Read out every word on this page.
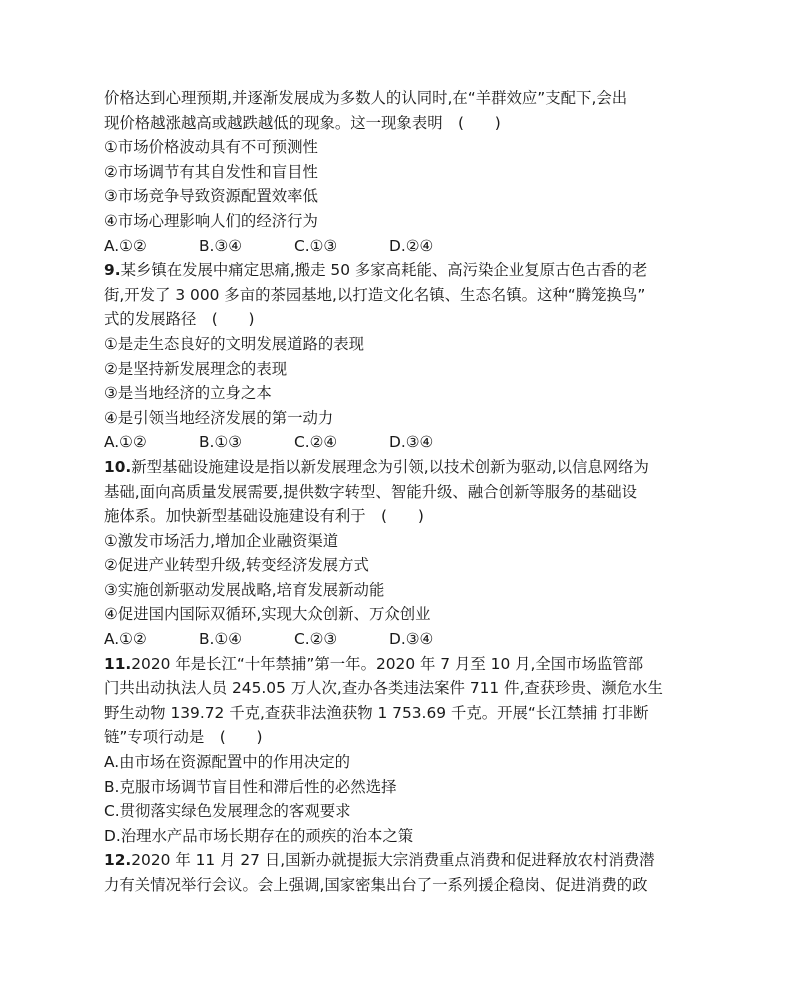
价格达到心理预期,并逐渐发展成为多数人的认同时,在“羊群效应”支配下,会出
现价格越涨越高或越跌越低的现象。这一现象表明　(　　)
①市场价格波动具有不可预测性
②市场调节有其自发性和盲目性
③市场竞争导致资源配置效率低
④市场心理影响人们的经济行为
A.①②	B.③④	C.①③	D.②④
9.某乡镇在发展中痛定思痛,搬走 50 多家高耗能、高污染企业复原古色古香的老
街,开发了 3 000 多亩的茶园基地,以打造文化名镇、生态名镇。这种“腾笼换鸟”
式的发展路径　(　　)
①是走生态良好的文明发展道路的表现
②是坚持新发展理念的表现
③是当地经济的立身之本
④是引领当地经济发展的第一动力
A.①②	B.①③	C.②④	D.③④
10.新型基础设施建设是指以新发展理念为引领,以技术创新为驱动,以信息网络为
基础,面向高质量发展需要,提供数字转型、智能升级、融合创新等服务的基础设
施体系。加快新型基础设施建设有利于　(　　)
①激发市场活力,增加企业融资渠道
②促进产业转型升级,转变经济发展方式
③实施创新驱动发展战略,培育发展新动能
④促进国内国际双循环,实现大众创新、万众创业
A.①②	B.①④	C.②③	D.③④
11.2020 年是长江“十年禁捕”第一年。2020 年 7 月至 10 月,全国市场监管部
门共出动执法人员 245.05 万人次,查办各类违法案件 711 件,查获珍贵、濒危水生
野生动物 139.72 千克,查获非法渔获物 1 753.69 千克。开展“长江禁捕 打非断
链”专项行动是　(　　)
A.由市场在资源配置中的作用决定的
B.克服市场调节盲目性和滞后性的必然选择
C.贯彻落实绿色发展理念的客观要求
D.治理水产品市场长期存在的顽疾的治本之策
12.2020 年 11 月 27 日,国新办就提振大宗消费重点消费和促进释放农村消费潜
力有关情况举行会议。会上强调,国家密集出台了一系列援企稳岗、促进消费的政
